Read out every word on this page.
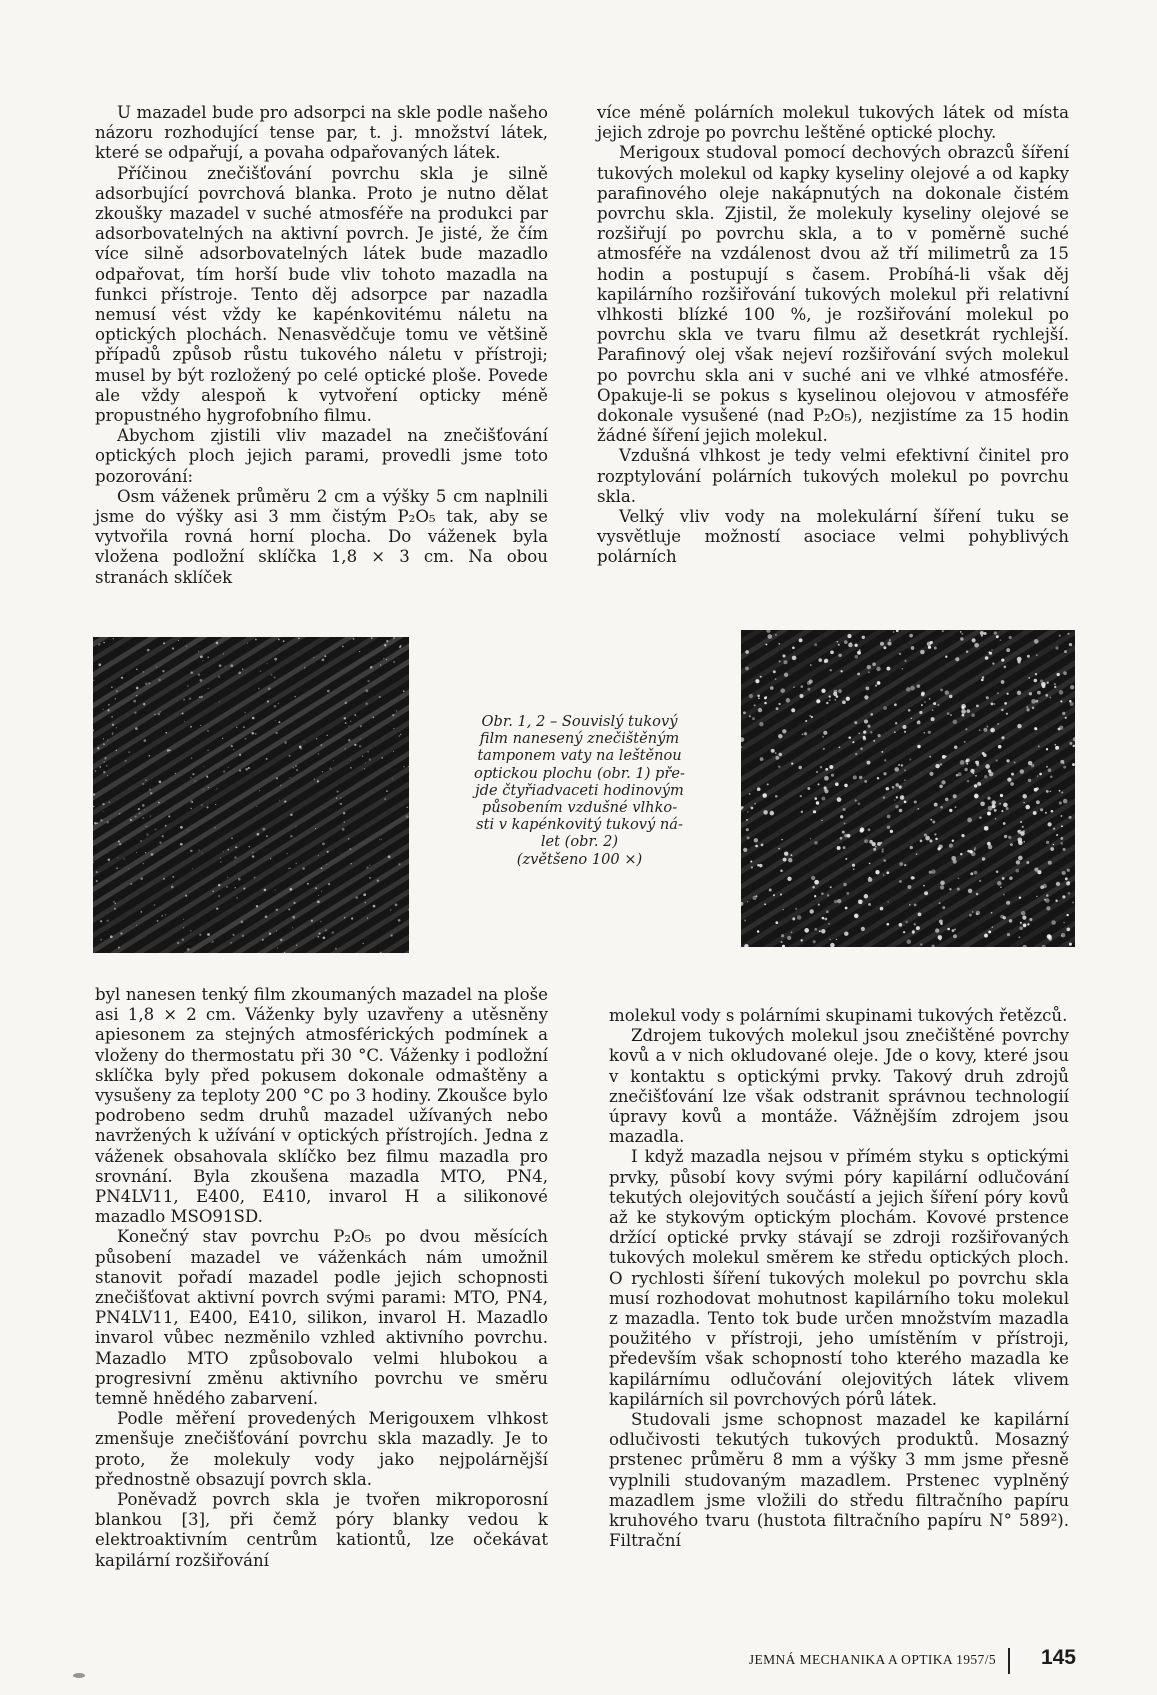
U mazadel bude pro adsorpci na skle podle našeho názoru rozhodující tense par, t. j. množství látek, které se odpařují, a povaha odpařovaných látek.

Příčinou znečišťování povrchu skla je silně adsorbující povrchová blanka. Proto je nutno dělat zkoušky mazadel v suché atmosféře na produkci par adsorbovatelných na aktivní povrch. Je jisté, že čím více silně adsorbovatelných látek bude mazadlo odpařovat, tím horší bude vliv tohoto mazadla na funkci přístroje. Tento děj adsorpce par nazadla nemusí vést vždy ke kapénkovitému náletu na optických plochách. Nenasvědčuje tomu ve většině případů způsob růstu tukového náletu v přístroji; musel by být rozložený po celé optické ploše. Povede ale vždy alespoň k vytvoření opticky méně propustného hygrofobního filmu.

Abychom zjistili vliv mazadel na znečišťování optických ploch jejich parami, provedli jsme toto pozorování:

Osm váženek průměru 2 cm a výšky 5 cm naplnili jsme do výšky asi 3 mm čistým P₂O₅ tak, aby se vytvořila rovná horní plocha. Do váženek byla vložena podložní sklíčka 1,8 × 3 cm. Na obou stranách sklíček

více méně polárních molekul tukových látek od místa jejich zdroje po povrchu leštěné optické plochy.

Merigoux studoval pomocí dechových obrazců šíření tukových molekul od kapky kyseliny olejové a od kapky parafinového oleje nakápnutých na dokonale čistém povrchu skla. Zjistil, že molekuly kyseliny olejové se rozšiřují po povrchu skla, a to v poměrně suché atmosféře na vzdálenost dvou až tří milimetrů za 15 hodin a postupují s časem. Probíhá-li však děj kapilárního rozšiřování tukových molekul při relativní vlhkosti blízké 100 %, je rozšiřování molekul po povrchu skla ve tvaru filmu až desetkrát rychlejší. Parafinový olej však nejeví rozšiřování svých molekul po povrchu skla ani v suché ani ve vlhké atmosféře. Opakuje-li se pokus s kyselinou olejovou v atmosféře dokonale vysušené (nad P₂O₅), nezjistíme za 15 hodin žádné šíření jejich molekul.

Vzdušná vlhkost je tedy velmi efektivní činitel pro rozptylování polárních tukových molekul po povrchu skla.

Velký vliv vody na molekulární šíření tuku se vysvětluje možností asociace velmi pohyblivých polárních

Obr. 1, 2 – Souvislý tukový
film nanesený znečištěným
tamponem vaty na leštěnou
optickou plochu (obr. 1) pře-
jde čtyřiadvaceti hodinovým
působením vzdušné vlhko-
sti v kapénkovitý tukový ná-
let (obr. 2)
(zvětšeno 100 ×)

byl nanesen tenký film zkoumaných mazadel na ploše asi 1,8 × 2 cm. Váženky byly uzavřeny a utěsněny apiesonem za stejných atmosférických podmínek a vloženy do thermostatu při 30 °C. Váženky i podložní sklíčka byly před pokusem dokonale odmaštěny a vysušeny za teploty 200 °C po 3 hodiny. Zkoušce bylo podrobeno sedm druhů mazadel užívaných nebo navržených k užívání v optických přístrojích. Jedna z váženek obsahovala sklíčko bez filmu mazadla pro srovnání. Byla zkoušena mazadla MTO, PN4, PN4LV11, E400, E410, invarol H a silikonové mazadlo MSO91SD.

Konečný stav povrchu P₂O₅ po dvou měsících působení mazadel ve váženkách nám umožnil stanovit pořadí mazadel podle jejich schopnosti znečišťovat aktivní povrch svými parami: MTO, PN4, PN4LV11, E400, E410, silikon, invarol H. Mazadlo invarol vůbec nezměnilo vzhled aktivního povrchu. Mazadlo MTO způsobovalo velmi hlubokou a progresivní změnu aktivního povrchu ve směru temně hnědého zabarvení.

Podle měření provedených Merigouxem vlhkost zmenšuje znečišťování povrchu skla mazadly. Je to proto, že molekuly vody jako nejpolárnější přednostně obsazují povrch skla.

Poněvadž povrch skla je tvořen mikroporosní blankou [3], při čemž póry blanky vedou k elektroaktivním centrům kationtů, lze očekávat kapilární rozšiřování

molekul vody s polárními skupinami tukových řetězců.

Zdrojem tukových molekul jsou znečištěné povrchy kovů a v nich okludované oleje. Jde o kovy, které jsou v kontaktu s optickými prvky. Takový druh zdrojů znečišťování lze však odstranit správnou technologií úpravy kovů a montáže. Vážnějším zdrojem jsou mazadla.

I když mazadla nejsou v přímém styku s optickými prvky, působí kovy svými póry kapilární odlučování tekutých olejovitých součástí a jejich šíření póry kovů až ke stykovým optickým plochám. Kovové prstence držící optické prvky stávají se zdroji rozšiřovaných tukových molekul směrem ke středu optických ploch. O rychlosti šíření tukových molekul po povrchu skla musí rozhodovat mohutnost kapilárního toku molekul z mazadla. Tento tok bude určen množstvím mazadla použitého v přístroji, jeho umístěním v přístroji, především však schopností toho kterého mazadla ke kapilárnímu odlučování olejovitých látek vlivem kapilárních sil povrchových pórů látek.

Studovali jsme schopnost mazadel ke kapilární odlučivosti tekutých tukových produktů. Mosazný prstenec průměru 8 mm a výšky 3 mm jsme přesně vyplnili studovaným mazadlem. Prstenec vyplněný mazadlem jsme vložili do středu filtračního papíru kruhového tvaru (hustota filtračního papíru N° 589²). Filtrační

JEMNÁ MECHANIKA A OPTIKA 1957/5 145
